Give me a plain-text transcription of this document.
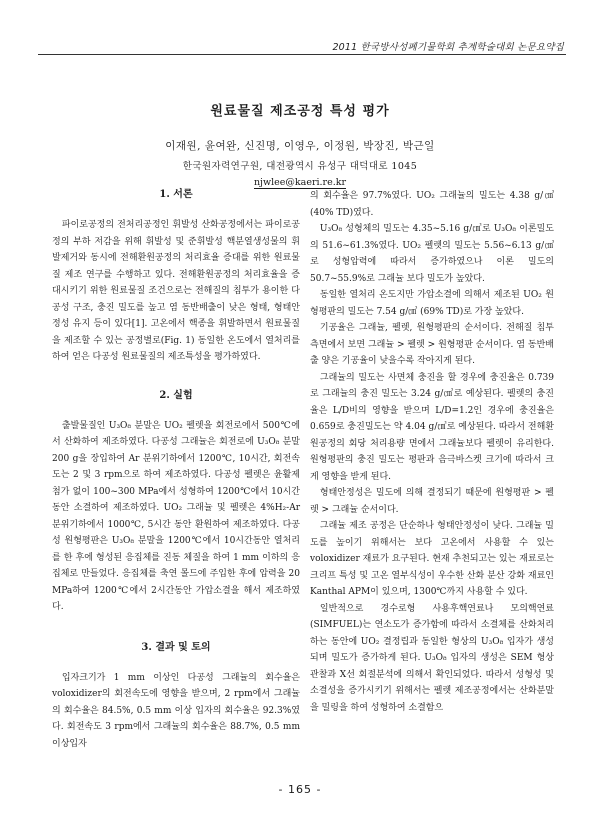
2011 한국방사성폐기물학회 추계학술대회 논문요약집
원료물질 제조공정 특성 평가
이재원, 윤여완, 신진명, 이영우, 이정원, 박장진, 박근일
한국원자력연구원, 대전광역시 유성구 대덕대로 1045
njwlee@kaeri.re.kr
1. 서론

파이로공정의 전처리공정인 휘발성 산화공정에서는 파이로공정의 부하 저감을 위해 휘발성 및 준휘발성 핵분열생성물의 휘발제거와 동시에 전해환원공정의 처리효율 증대를 위한 원료물질 제조 연구를 수행하고 있다. 전해환원공정의 처리효율을 증대시키기 위한 원료물질 조건으로는 전해질의 침투가 용이한 다공성 구조, 충진 밀도를 높고 염 동반배출이 낮은 형태, 형태안정성 유지 등이 있다[1]. 고온에서 핵종을 휘발하면서 원료물질을 제조할 수 있는 공정별로(Fig. 1) 동일한 온도에서 열처리를 하여 얻은 다공성 원료물질의 제조특성을 평가하였다.

2. 실험

출발물질인 U₃O₈ 분말은 UO₂ 펠렛을 회전로에서 500℃에서 산화하여 제조하였다. 다공성 그래뉼은 회전로에 U₃O₈ 분말 200 g을 장입하여 Ar 분위기하에서 1200℃, 10시간, 회전속도는 2 및 3 rpm으로 하여 제조하였다. 다공성 펠렛은 윤활제 첨가 없이 100~300 MPa에서 성형하여 1200℃에서 10시간동안 소결하여 제조하였다. UO₂ 그래뉼 및 펠렛은 4%H₂-Ar 분위기하에서 1000℃, 5시간 동안 환원하여 제조하였다. 다공성 원형평판은 U₃O₈ 분말을 1200℃에서 10시간동안 열처리를 한 후에 형성된 응집체를 진동 체질을 하여 1 mm 이하의 응집체로 만들었다. 응집체를 축연 몰드에 주입한 후에 압력을 20 MPa하여 1200℃에서 2시간동안 가압소결을 해서 제조하였다.

3. 결과 및 토의

입자크기가 1 mm 이상인 다공성 그래뉼의 회수율은 voloxidizer의 회전속도에 영향을 받으며, 2 rpm에서 그래뉼의 회수율은 84.5%, 0.5 mm 이상 입자의 회수율은 92.3%였다. 회전속도 3 rpm에서 그래뉼의 회수율은 88.7%, 0.5 mm 이상입자

의 회수율은 97.7%였다. UO₂ 그래뉼의 밀도는 4.38 g/㎤ (40% TD)였다.

U₃O₈ 성형체의 밀도는 4.35~5.16 g/㎤로 U₃O₈ 이론밀도의 51.6~61.3%였다. UO₂ 펠렛의 밀도는 5.56~6.13 g/㎤로 성형압력에 따라서 증가하였으나 이론 밀도의 50.7~55.9%로 그래뉼 보다 밀도가 높았다.

동일한 열처리 온도지만 가압소결에 의해서 제조된 UO₂ 원형평판의 밀도는 7.54 g/㎤ (69% TD)로 가장 높았다.

기공율은 그래뉼, 펠렛, 원형평판의 순서이다. 전해질 침투 측면에서 보면 그래뉼 > 펠렛 > 원형평판 순서이다. 염 동반배출 양은 기공율이 낮을수록 작아지게 된다.

그래뉼의 밀도는 사면체 충진을 할 경우에 충진율은 0.739로 그래뉼의 충진 밀도는 3.24 g/㎤로 예상된다. 펠렛의 충진율은 L/D비의 영향을 받으며 L/D=1.2인 경우에 충진율은 0.659로 충진밀도는 약 4.04 g/㎤로 예상된다. 따라서 전해환원공정의 회당 처리용량 면에서 그래뉼보다 펠렛이 유리한다. 원형평판의 충진 밀도는 평판과 음극바스켓 크기에 따라서 크게 영향을 받게 된다.

형태안정성은 밀도에 의해 결정되기 때문에 원형평판 > 펠렛 > 그래뉼 순서이다.

그래뉼 제조 공정은 단순하나 형태안정성이 낮다. 그래뉼 밀도를 높이기 위해서는 보다 고온에서 사용할 수 있는 voloxidizer 재료가 요구된다. 현재 추천되고는 있는 재료로는 크리프 특성 및 고온 열부식성이 우수한 산화 분산 강화 재료인 Kanthal APM이 있으며, 1300℃까지 사용할 수 있다.

일반적으로 경수로형 사용후핵연료나 모의핵연료(SIMFUEL)는 연소도가 증가함에 따라서 소결체를 산화처리하는 동안에 UO₂ 결정립과 동일한 형상의 U₃O₈ 입자가 생성되며 밀도가 증가하게 된다. U₃O₈ 입자의 생성은 SEM 형상 관찰과 X선 회절분석에 의해서 확인되었다. 따라서 성형성 및 소결성을 증가시키기 위해서는 펠렛 제조공정에서는 산화분말을 밀링을 하여 성형하여 소결함으

- 165 -
